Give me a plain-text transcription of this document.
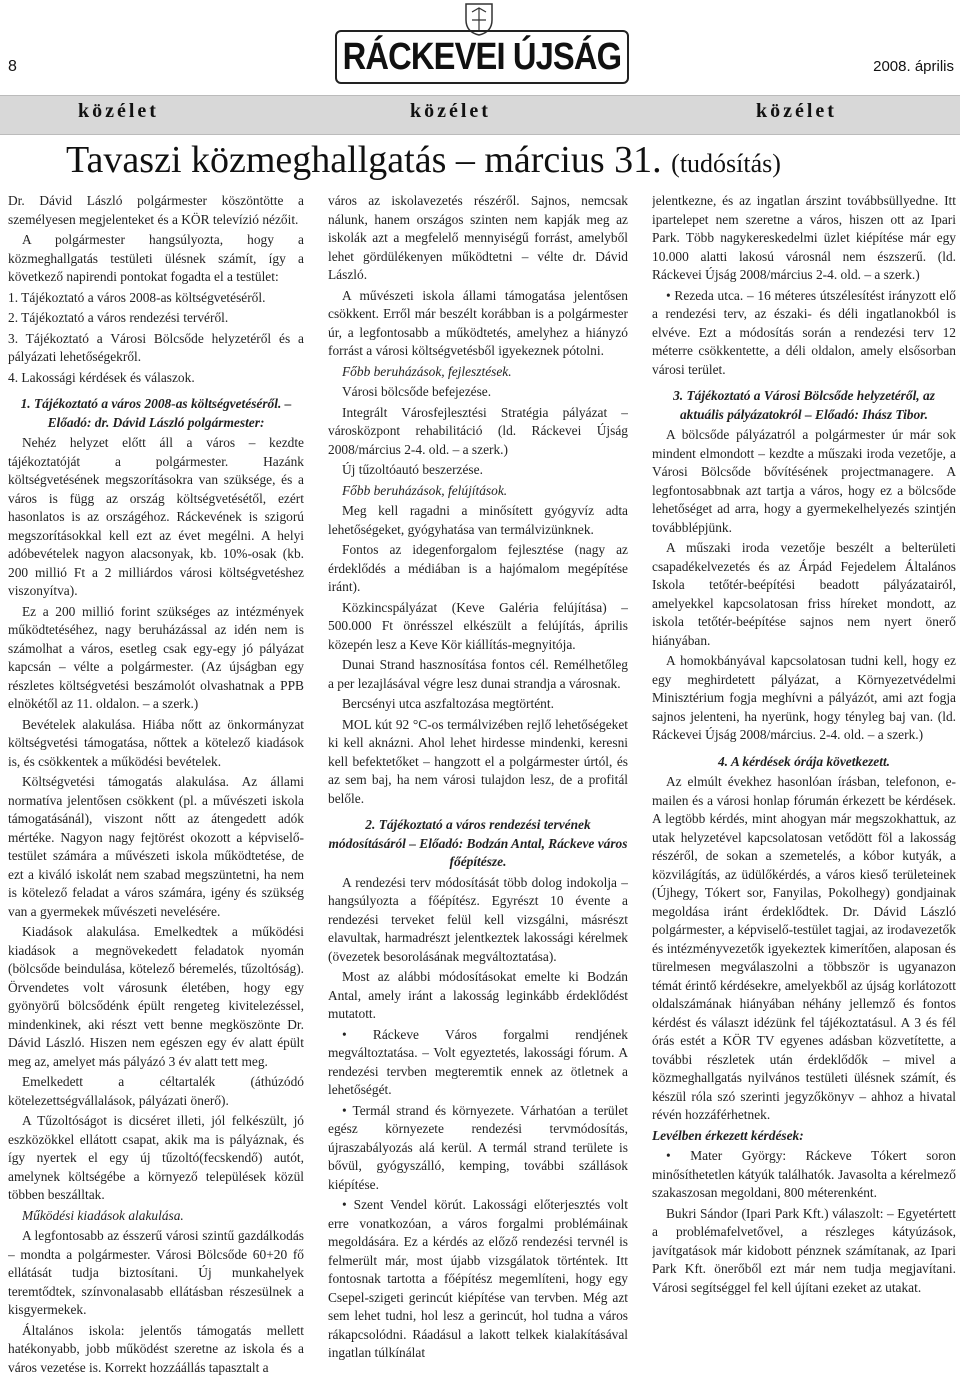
8	RÁCKEVEI ÚJSÁG	2008. április
közélet	közélet	közélet
Tavaszi közmeghallgatás – március 31. (tudósítás)

Dr. Dávid László polgármester köszöntötte a személyesen megjelenteket és a KÖR televízió nézőit.

A polgármester hangsúlyozta, hogy a közmeghallgatás testületi ülésnek számít, így a következő napirendi pontokat fogadta el a testület:

1. Tájékoztató a város 2008-as költségvetéséről.

2. Tájékoztató a város rendezési tervéről.

3. Tájékoztató a Városi Bölcsőde helyzetéről és a pályázati lehetőségekről.

4. Lakossági kérdések és válaszok.

1. Tájékoztató a város 2008-as költségvetéséről. – Előadó: dr. Dávid László polgármester:

Nehéz helyzet előtt áll a város – kezdte tájékoztatóját a polgármester. Hazánk költségvetésének megszorításokra van szüksége, és a város is függ az ország költségvetésétől, ezért hasonlatos is az országéhoz. Ráckevének is szigorú megszorításokkal kell ezt az évet megélni. A helyi adóbevételek nagyon alacsonyak, kb. 10%-osak (kb. 200 millió Ft a 2 milliárdos városi költségvetéshez viszonyítva).

Ez a 200 millió forint szükséges az intézmények működtetéséhez, nagy beruházással az idén nem is számolhat a város, esetleg csak egy-egy jó pályázat kapcsán – vélte a polgármester. (Az újságban egy részletes költségvetési beszámolót olvashatnak a PPB elnökétől az 11. oldalon. – a szerk.)

Bevételek alakulása. Hiába nőtt az önkormányzat költségvetési támogatása, nőttek a kötelező kiadások is, és csökkentek a működési bevételek.

Költségvetési támogatás alakulása. Az állami normatíva jelentősen csökkent (pl. a művészeti iskola támogatásánál), viszont nőtt az átengedett adók mértéke. Nagyon nagy fejtörést okozott a képviselő-testület számára a művészeti iskola működtetése, de ezt a kiváló iskolát nem szabad megszüntetni, ha nem is kötelező feladat a város számára, igény és szükség van a gyermekek művészeti nevelésére.

Kiadások alakulása. Emelkedtek a működési kiadások a megnövekedett feladatok nyomán (bölcsőde beindulása, kötelező béremelés, tűzoltóság). Örvendetes volt városunk életében, hogy egy gyönyörű bölcsődénk épült rengeteg kivitelezéssel, mindenkinek, aki részt vett benne megköszönte Dr. Dávid László. Hiszen nem egészen egy év alatt épült meg az, amelyet más pályázó 3 év alatt tett meg.

Emelkedett a céltartalék (áthúzódó kötelezettségvállalások, pályázati önerő).

A Tűzoltóságot is dicséret illeti, jól felkészült, jó eszközökkel ellátott csapat, akik ma is pályáznak, és így nyertek el egy új tűzoltó(fecskendő) autót, amelynek költségébe a környező települések közül többen beszálltak.

Működési kiadások alakulása.

A legfontosabb az ésszerű városi szintű gazdálkodás – mondta a polgármester. Városi Bölcsőde 60+20 fő ellátását tudja biztosítani. Új munkahelyek teremtődtek, színvonalasabb ellátásban részesülnek a kisgyermekek.

Általános iskola: jelentős támogatás mellett hatékonyabb, jobb működést szeretne az iskola és a város vezetése is. Korrekt hozzáállás tapasztalt a

város az iskolavezetés részéről. Sajnos, nemcsak nálunk, hanem országos szinten nem kapják meg az iskolák azt a megfelelő mennyiségű forrást, amelyből lehet gördülékenyen működtetni – vélte dr. Dávid László.

A művészeti iskola állami támogatása jelentősen csökkent. Erről már beszélt korábban is a polgármester úr, a legfontosabb a működtetés, amelyhez a hiányzó forrást a városi költségvetésből igyekeznek pótolni.

Főbb beruházások, fejlesztések.

Városi bölcsőde befejezése.

Integrált Városfejlesztési Stratégia pályázat – városközpont rehabilitáció (ld. Ráckevei Újság 2008/március 2-4. old. – a szerk.)

Új tűzoltóautó beszerzése.

Főbb beruházások, felújítások.

Meg kell ragadni a minősített gyógyvíz adta lehetőségeket, gyógyhatása van termálvizünknek.

Fontos az idegenforgalom fejlesztése (nagy az érdeklődés a médiában is a hajómalom megépítése iránt).

Közkincspályázat (Keve Galéria felújítása) – 500.000 Ft önrésszel elkészült a felújítás, április közepén lesz a Keve Kör kiállítás-megnyitója.

Dunai Strand hasznosítása fontos cél. Remélhetőleg a per lezajlásával végre lesz dunai strandja a városnak.

Bercsényi utca aszfaltozása megtörtént.

MOL kút 92 °C-os termálvizében rejlő lehetőségeket ki kell aknázni. Ahol lehet hirdesse mindenki, keresni kell befektetőket – hangzott el a polgármester úrtól, és az sem baj, ha nem városi tulajdon lesz, de a profitál belőle.

2. Tájékoztató a város rendezési tervének módosításáról – Előadó: Bodzán Antal, Ráckeve város főépítésze.

A rendezési terv módosítását több dolog indokolja – hangsúlyozta a főépítész. Egyrészt 10 évente a rendezési terveket felül kell vizsgálni, másrészt elavultak, harmadrészt jelentkeztek lakossági kérelmek (övezetek besorolásának megváltoztatása).

Most az alábbi módosításokat emelte ki Bodzán Antal, amely iránt a lakosság leginkább érdeklődést mutatott.

• Ráckeve Város forgalmi rendjének megváltoztatása. – Volt egyeztetés, lakossági fórum. A rendezési tervben megteremtik ennek az ötletnek a lehetőségét.

• Termál strand és környezete. Várhatóan a terület egész környezete rendezési tervmódosítás, újraszabályozás alá kerül. A termál strand területe is bővül, gyógyszálló, kemping, további szállások kiépítése.

• Szent Vendel körút. Lakossági előterjesztés volt erre vonatkozóan, a város forgalmi problémáinak megoldására. Ez a kérdés az előző rendezési tervnél is felmerült már, most újabb vizsgálatok történtek. Itt fontosnak tartotta a főépítész megemlíteni, hogy egy Csepel-szigeti gerincút kiépítése van tervben. Még azt sem lehet tudni, hol lesz a gerincút, hol tudna a város rákapcsolódni. Ráadásul a lakott telkek kialakításával ingatlan túlkínálat

jelentkezne, és az ingatlan árszint továbbsüllyedne. Itt ipartelepet nem szeretne a város, hiszen ott az Ipari Park. Több nagykereskedelmi üzlet kiépítése már egy 10.000 alatti lakosú városnál nem észszerű. (ld. Ráckevei Újság 2008/március 2-4. old. – a szerk.)

• Rezeda utca. – 16 méteres útszélesítést irányzott elő a rendezési terv, az északi- és déli ingatlanokból is elvéve. Ezt a módosítás során a rendezési terv 12 méterre csökkentette, a déli oldalon, amely elsősorban városi terület.

3. Tájékoztató a Városi Bölcsőde helyzetéről, az aktuális pályázatokról – Előadó: Ihász Tibor.

A bölcsőde pályázatról a polgármester úr már sok mindent elmondott – kezdte a műszaki iroda vezetője, a Városi Bölcsőde bővítésének projectmanagere. A legfontosabbnak azt tartja a város, hogy ez a bölcsőde lehetőséget ad arra, hogy a gyermekelhelyezés szintjén továbblépjünk.

A műszaki iroda vezetője beszélt a belterületi csapadékelvezetés és az Árpád Fejedelem Általános Iskola tetőtér-beépítési beadott pályázatairól, amelyekkel kapcsolatosan friss híreket mondott, az iskola tetőtér-beépítése sajnos nem nyert önerő hiányában.

A homokbányával kapcsolatosan tudni kell, hogy ez egy meghirdetett pályázat, a Környezetvédelmi Minisztérium fogja meghívni a pályázót, ami azt fogja sajnos jelenteni, ha nyerünk, hogy tényleg baj van. (ld. Ráckevei Újság 2008/március. 2-4. old. – a szerk.)

4. A kérdések órája következett.

Az elmúlt évekhez hasonlóan írásban, telefonon, e-mailen és a városi honlap fórumán érkezett be kérdések. A legtöbb kérdés, mint ahogyan már megszokhattuk, az utak helyzetével kapcsolatosan vetődött föl a lakosság részéről, de sokan a szemetelés, a kóbor kutyák, a közvilágítás, az üdülőkérdés, a város kieső területeinek (Újhegy, Tókert sor, Fanyilas, Pokolhegy) gondjainak megoldása iránt érdeklődtek. Dr. Dávid László polgármester, a képviselő-testület tagjai, az irodavezetők és intézményvezetők igyekeztek kimerítően, alaposan és türelmesen megválaszolni a többször is ugyanazon témát érintő kérdésekre, amelyekből az újság korlátozott oldalszámának hiányában néhány jellemző és fontos kérdést és választ idézünk fel tájékoztatásul. A 3 és fél órás estét a KÖR TV egyenes adásban közvetítette, a további részletek után érdeklődők – mivel a közmeghallgatás nyilvános testületi ülésnek számít, és készül róla szó szerinti jegyzőkönyv – ahhoz a hivatal révén hozzáférhetnek.

Levélben érkezett kérdések:

• Mater György: Ráckeve Tókert soron minősíthetetlen kátyúk találhatók. Javasolta a kérelmező szakaszosan megoldani, 800 méterenként.

Bukri Sándor (Ipari Park Kft.) válaszolt: – Egyetértett a problémafelvetővel, a részleges kátyúzások, javítgatások már kidobott pénznek számítanak, az Ipari Park Kft. önerőből ezt már nem tudja megjavítani. Városi segítséggel fel kell újítani ezeket az utakat.
